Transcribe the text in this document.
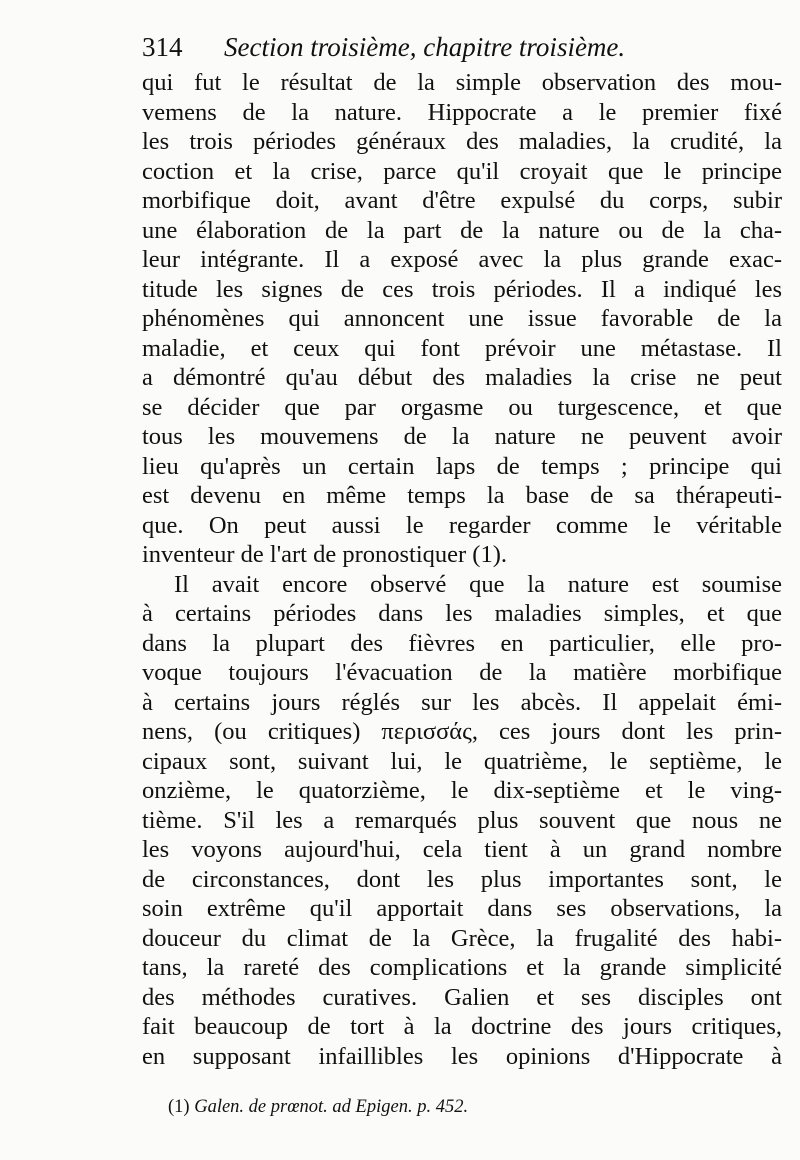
314 Section troisième, chapitre troisième.
qui fut le résultat de la simple observation des mou-
vemens de la nature. Hippocrate a le premier fixé
les trois périodes généraux des maladies, la crudité, la
coction et la crise, parce qu'il croyait que le principe
morbifique doit, avant d'être expulsé du corps, subir
une élaboration de la part de la nature ou de la cha-
leur intégrante. Il a exposé avec la plus grande exac-
titude les signes de ces trois périodes. Il a indiqué les
phénomènes qui annoncent une issue favorable de la
maladie, et ceux qui font prévoir une métastase. Il
a démontré qu'au début des maladies la crise ne peut
se décider que par orgasme ou turgescence, et que
tous les mouvemens de la nature ne peuvent avoir
lieu qu'après un certain laps de temps ; principe qui
est devenu en même temps la base de sa thérapeuti-
que. On peut aussi le regarder comme le véritable
inventeur de l'art de pronostiquer (1).
Il avait encore observé que la nature est soumise
à certains périodes dans les maladies simples, et que
dans la plupart des fièvres en particulier, elle pro-
voque toujours l'évacuation de la matière morbifique
à certains jours réglés sur les abcès. Il appelait émi-
nens, (ou critiques) περισσάς, ces jours dont les prin-
cipaux sont, suivant lui, le quatrième, le septième, le
onzième, le quatorzième, le dix-septième et le ving-
tième. S'il les a remarqués plus souvent que nous ne
les voyons aujourd'hui, cela tient à un grand nombre
de circonstances, dont les plus importantes sont, le
soin extrême qu'il apportait dans ses observations, la
douceur du climat de la Grèce, la frugalité des habi-
tans, la rareté des complications et la grande simplicité
des méthodes curatives. Galien et ses disciples ont
fait beaucoup de tort à la doctrine des jours critiques,
en supposant infaillibles les opinions d'Hippocrate à
(1) Galen. de prœnot. ad Epigen. p. 452.
